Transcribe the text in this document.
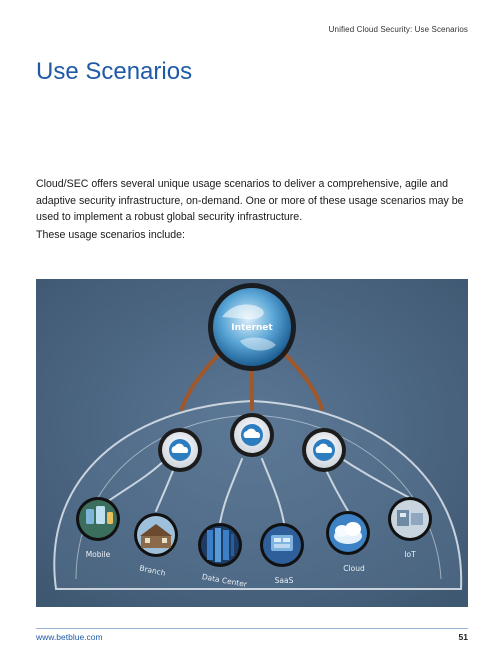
Unified Cloud Security: Use Scenarios
Use Scenarios

Cloud/SEC offers several unique usage scenarios to deliver a comprehensive, agile and adaptive security infrastructure, on-demand. One or more of these usage scenarios may be used to implement a robust global security infrastructure.

These usage scenarios include:

Internet
Mobile
Branch
Data Center	SaaS
Cloud
IoT
www.betblue.com	51
